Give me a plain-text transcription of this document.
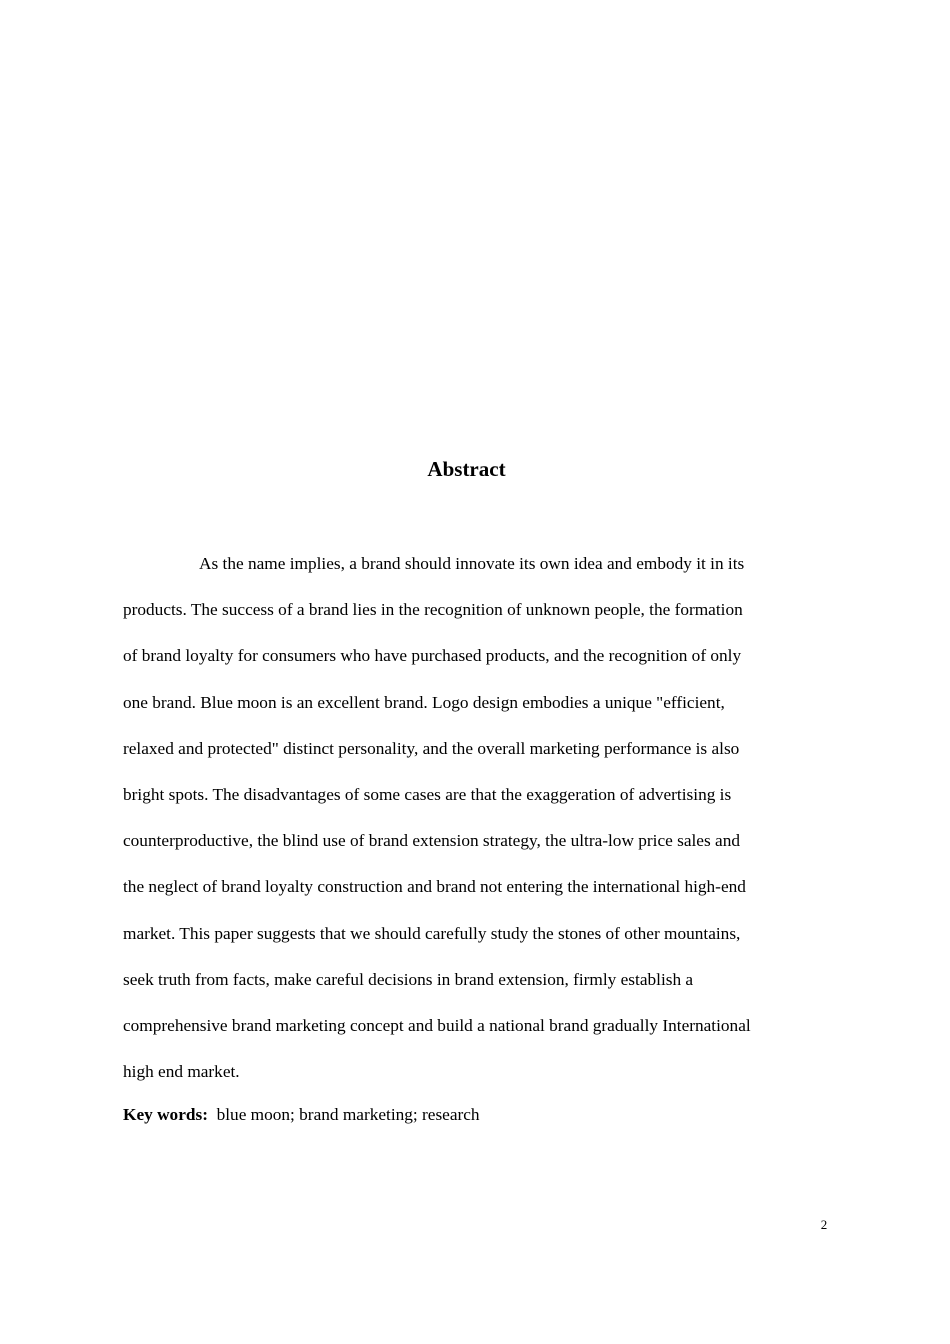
Abstract

As the name implies, a brand should innovate its own idea and embody it in its
products. The success of a brand lies in the recognition of unknown people, the formation
of brand loyalty for consumers who have purchased products, and the recognition of only
one brand. Blue moon is an excellent brand. Logo design embodies a unique "efficient,
relaxed and protected" distinct personality, and the overall marketing performance is also
bright spots. The disadvantages of some cases are that the exaggeration of advertising is
counterproductive, the blind use of brand extension strategy, the ultra-low price sales and
the neglect of brand loyalty construction and brand not entering the international high-end
market. This paper suggests that we should carefully study the stones of other mountains,
seek truth from facts, make careful decisions in brand extension, firmly establish a
comprehensive brand marketing concept and build a national brand gradually International
high end market.

Key words: blue moon; brand marketing; research

2
